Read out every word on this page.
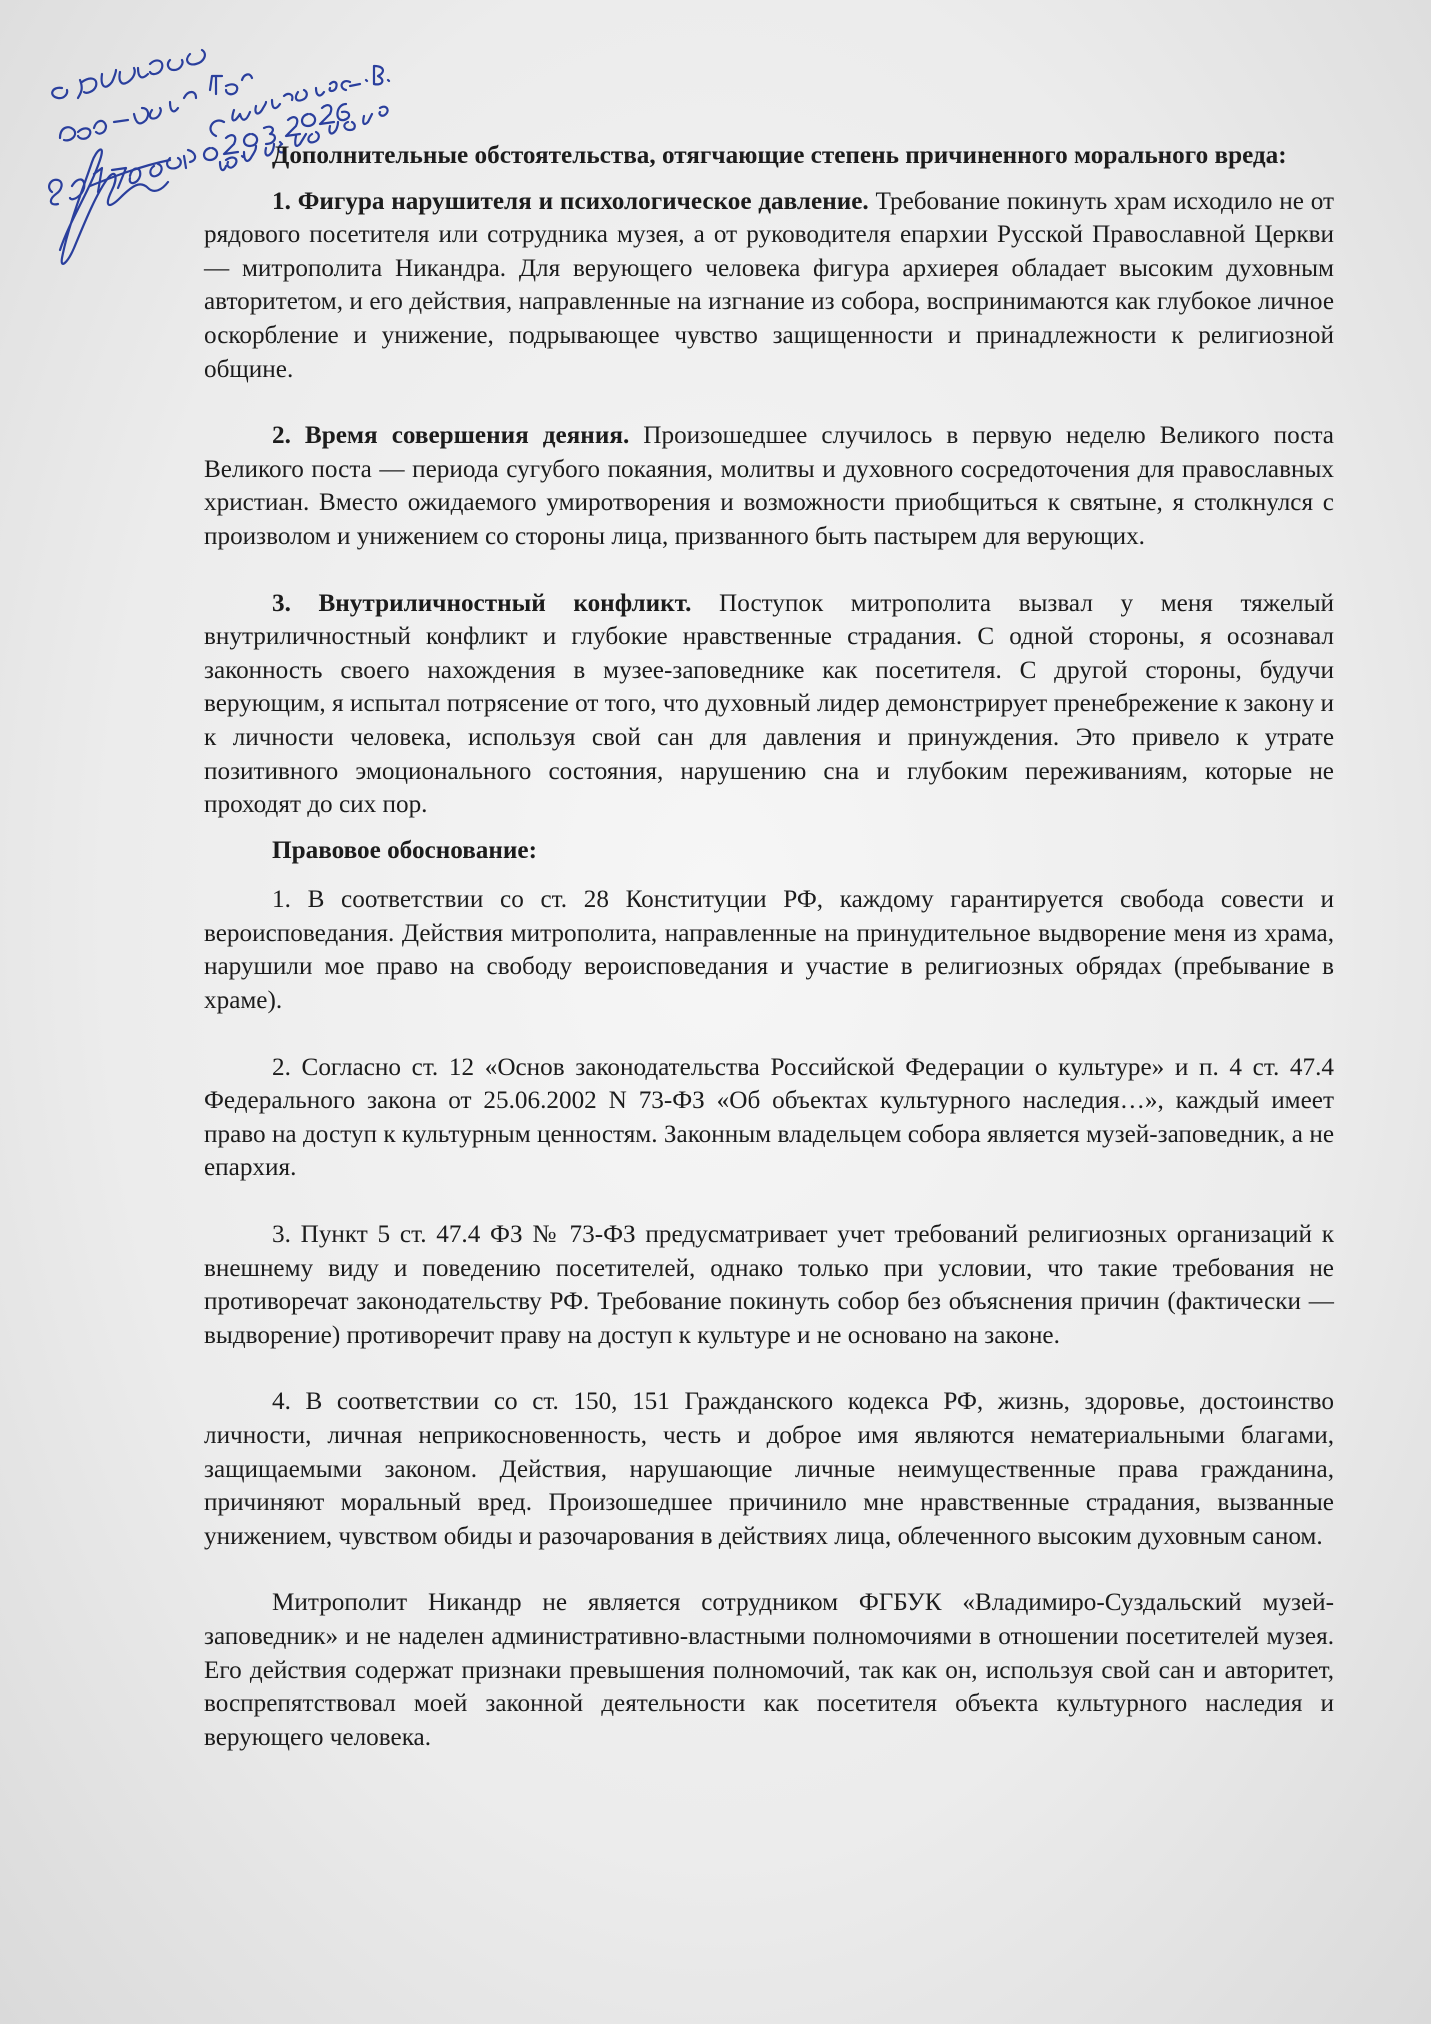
Дополнительные обстоятельства, отягчающие степень причиненного морального вреда:

1. Фигура нарушителя и психологическое давление. Требование покинуть храм исходило не от рядового посетителя или сотрудника музея, а от руководителя епархии Русской Православной Церкви — митрополита Никандра. Для верующего человека фигура архиерея обладает высоким духовным авторитетом, и его действия, направленные на изгнание из собора, воспринимаются как глубокое личное оскорбление и унижение, подрывающее чувство защищенности и принадлежности к религиозной общине.

2. Время совершения деяния. Произошедшее случилось в первую неделю Великого поста Великого поста — периода сугубого покаяния, молитвы и духовного сосредоточения для православных христиан. Вместо ожидаемого умиротворения и возможности приобщиться к святыне, я столкнулся с произволом и унижением со стороны лица, призванного быть пастырем для верующих.

3. Внутриличностный конфликт. Поступок митрополита вызвал у меня тяжелый внутриличностный конфликт и глубокие нравственные страдания. С одной стороны, я осознавал законность своего нахождения в музее-заповеднике как посетителя. С другой стороны, будучи верующим, я испытал потрясение от того, что духовный лидер демонстрирует пренебрежение к закону и к личности человека, используя свой сан для давления и принуждения. Это привело к утрате позитивного эмоционального состояния, нарушению сна и глубоким переживаниям, которые не проходят до сих пор.

Правовое обоснование:

1. В соответствии со ст. 28 Конституции РФ, каждому гарантируется свобода совести и вероисповедания. Действия митрополита, направленные на принудительное выдворение меня из храма, нарушили мое право на свободу вероисповедания и участие в религиозных обрядах (пребывание в храме).

2. Согласно ст. 12 «Основ законодательства Российской Федерации о культуре» и п. 4 ст. 47.4 Федерального закона от 25.06.2002 N 73-ФЗ «Об объектах культурного наследия…», каждый имеет право на доступ к культурным ценностям. Законным владельцем собора является музей-заповедник, а не епархия.

3. Пункт 5 ст. 47.4 ФЗ № 73-ФЗ предусматривает учет требований религиозных организаций к внешнему виду и поведению посетителей, однако только при условии, что такие требования не противоречат законодательству РФ. Требование покинуть собор без объяснения причин (фактически — выдворение) противоречит праву на доступ к культуре и не основано на законе.

4. В соответствии со ст. 150, 151 Гражданского кодекса РФ, жизнь, здоровье, достоинство личности, личная неприкосновенность, честь и доброе имя являются нематериальными благами, защищаемыми законом. Действия, нарушающие личные неимущественные права гражданина, причиняют моральный вред. Произошедшее причинило мне нравственные страдания, вызванные унижением, чувством обиды и разочарования в действиях лица, облеченного высоким духовным саном.

Митрополит Никандр не является сотрудником ФГБУК «Владимиро-Суздальский музей-заповедник» и не наделен административно-властными полномочиями в отношении посетителей музея. Его действия содержат признаки превышения полномочий, так как он, используя свой сан и авторитет, воспрепятствовал моей законной деятельности как посетителя объекта культурного наследия и верующего человека.
